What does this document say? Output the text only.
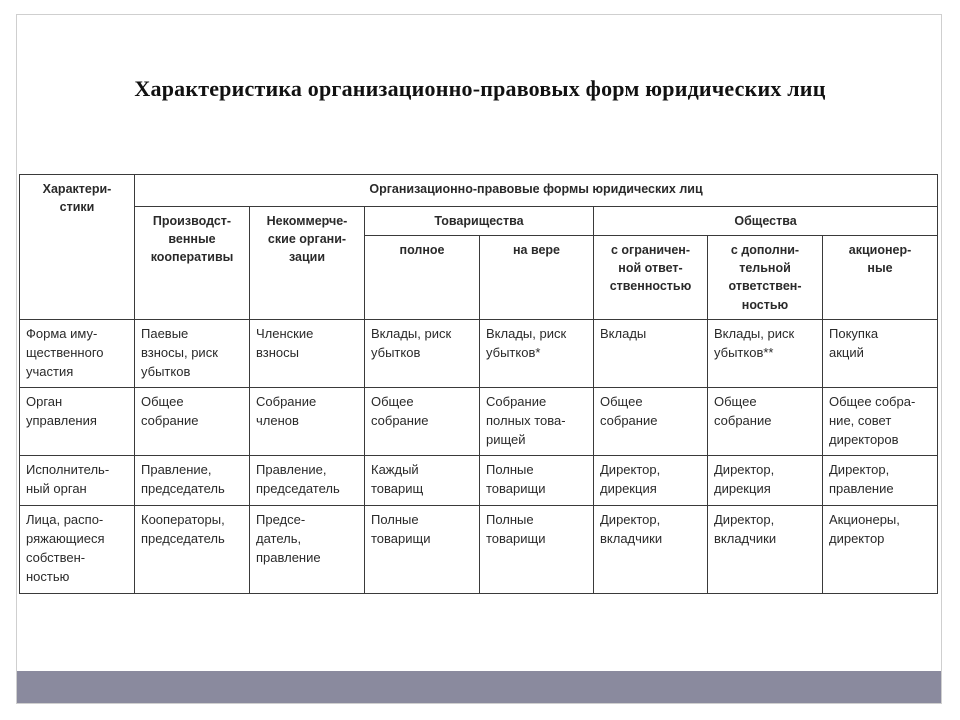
Характеристика организационно-правовых форм юридических лиц
Характери-
стики	Организационно-правовые формы юридических лиц						
	Производст-
венные
кооперативы	Некоммерче-
ские органи-
зации	Товарищества		Общества		
			полное	на вере	с ограничен-
ной ответ-
ственностью	с дополни-
тельной
ответствен-
ностью	акционер-
ные
Форма иму-
щественного
участия	Паевые
взносы, риск
убытков	Членские
взносы	Вклады, риск
убытков	Вклады, риск
убытков*	Вклады	Вклады, риск
убытков**	Покупка
акций
Орган
управления	Общее
собрание	Собрание
членов	Общее
собрание	Собрание
полных това-
рищей	Общее
собрание	Общее
собрание	Общее собра-
ние, совет
директоров
Исполнитель-
ный орган	Правление,
председатель	Правление,
председатель	Каждый
товарищ	Полные
товарищи	Директор,
дирекция	Директор,
дирекция	Директор,
правление
Лица, распо-
ряжающиеся
собствен-
ностью	Кооператоры,
председатель	Предсе-
датель,
правление	Полные
товарищи	Полные
товарищи	Директор,
вкладчики	Директор,
вкладчики	Акционеры,
директор
